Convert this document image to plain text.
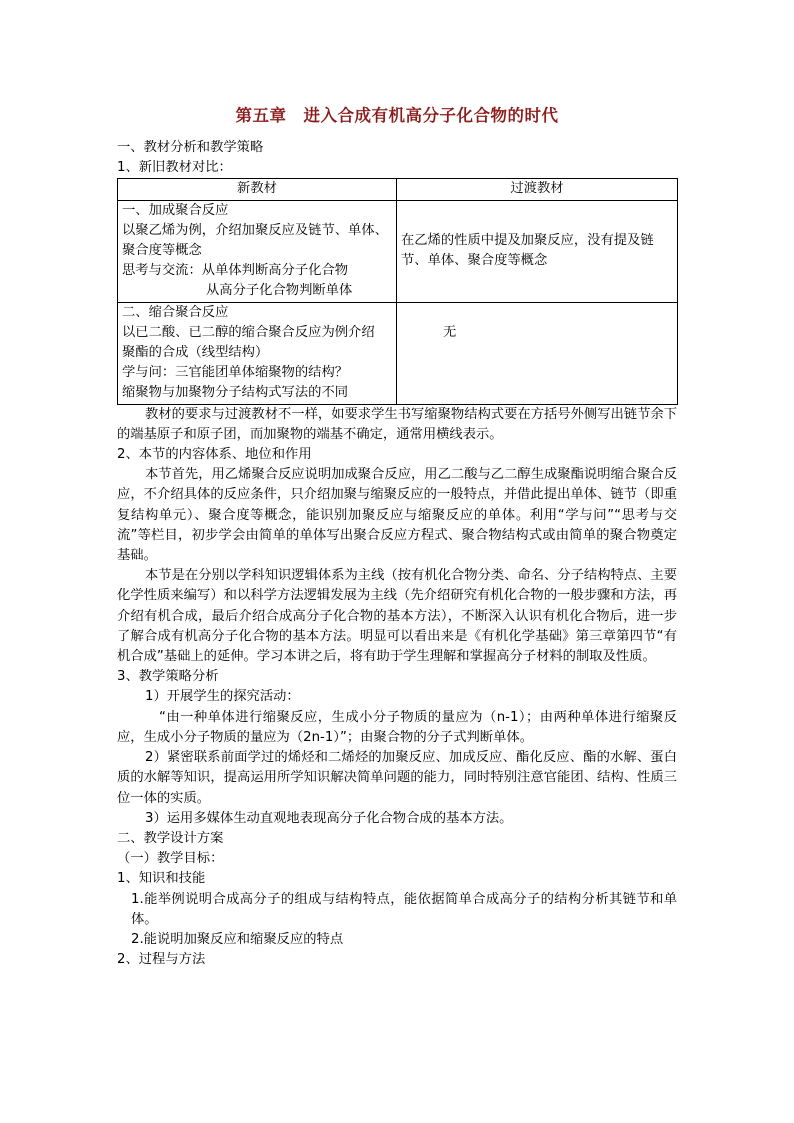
第五章　进入合成有机高分子化合物的时代
一、教材分析和教学策略
1、新旧教材对比：
新教材	过渡教材

一、加成聚合反应
以聚乙烯为例，介绍加聚反应及链节、单体、
聚合度等概念
思考与交流：从单体判断高分子化合物
从高分子化合物判断单体	在乙烯的性质中提及加聚反应，没有提及链
节、单体、聚合度等概念

二、缩合聚合反应
以已二酸、已二醇的缩合聚合反应为例介绍
聚酯的合成（线型结构）
学与问：三官能团单体缩聚物的结构？
缩聚物与加聚物分子结构式写法的不同	无

教材的要求与过渡教材不一样，如要求学生书写缩聚物结构式要在方括号外侧写出链节余下的端基原子和原子团，而加聚物的端基不确定，通常用横线表示。

2、本节的内容体系、地位和作用

本节首先，用乙烯聚合反应说明加成聚合反应，用乙二酸与乙二醇生成聚酯说明缩合聚合反应，不介绍具体的反应条件，只介绍加聚与缩聚反应的一般特点，并借此提出单体、链节（即重复结构单元）、聚合度等概念，能识别加聚反应与缩聚反应的单体。利用“学与问”“思考与交流”等栏目，初步学会由简单的单体写出聚合反应方程式、聚合物结构式或由简单的聚合物奠定基础。

本节是在分别以学科知识逻辑体系为主线（按有机化合物分类、命名、分子结构特点、主要化学性质来编写）和以科学方法逻辑发展为主线（先介绍研究有机化合物的一般步骤和方法，再介绍有机合成，最后介绍合成高分子化合物的基本方法），不断深入认识有机化合物后，进一步了解合成有机高分子化合物的基本方法。明显可以看出来是《有机化学基础》第三章第四节“有机合成”基础上的延伸。学习本讲之后，将有助于学生理解和掌握高分子材料的制取及性质。

3、教学策略分析
1）开展学生的探究活动：

“由一种单体进行缩聚反应，生成小分子物质的量应为（n-1）；由两种单体进行缩聚反应，生成小分子物质的量应为（2n-1）”；由聚合物的分子式判断单体。

2）紧密联系前面学过的烯烃和二烯烃的加聚反应、加成反应、酯化反应、酯的水解、蛋白质的水解等知识，提高运用所学知识解决简单问题的能力，同时特别注意官能团、结构、性质三位一体的实质。

3）运用多媒体生动直观地表现高分子化合物合成的基本方法。
二、教学设计方案
（一）教学目标：
1、知识和技能

1.能举例说明合成高分子的组成与结构特点，能依据简单合成高分子的结构分析其链节和单体。

2.能说明加聚反应和缩聚反应的特点
2、过程与方法
